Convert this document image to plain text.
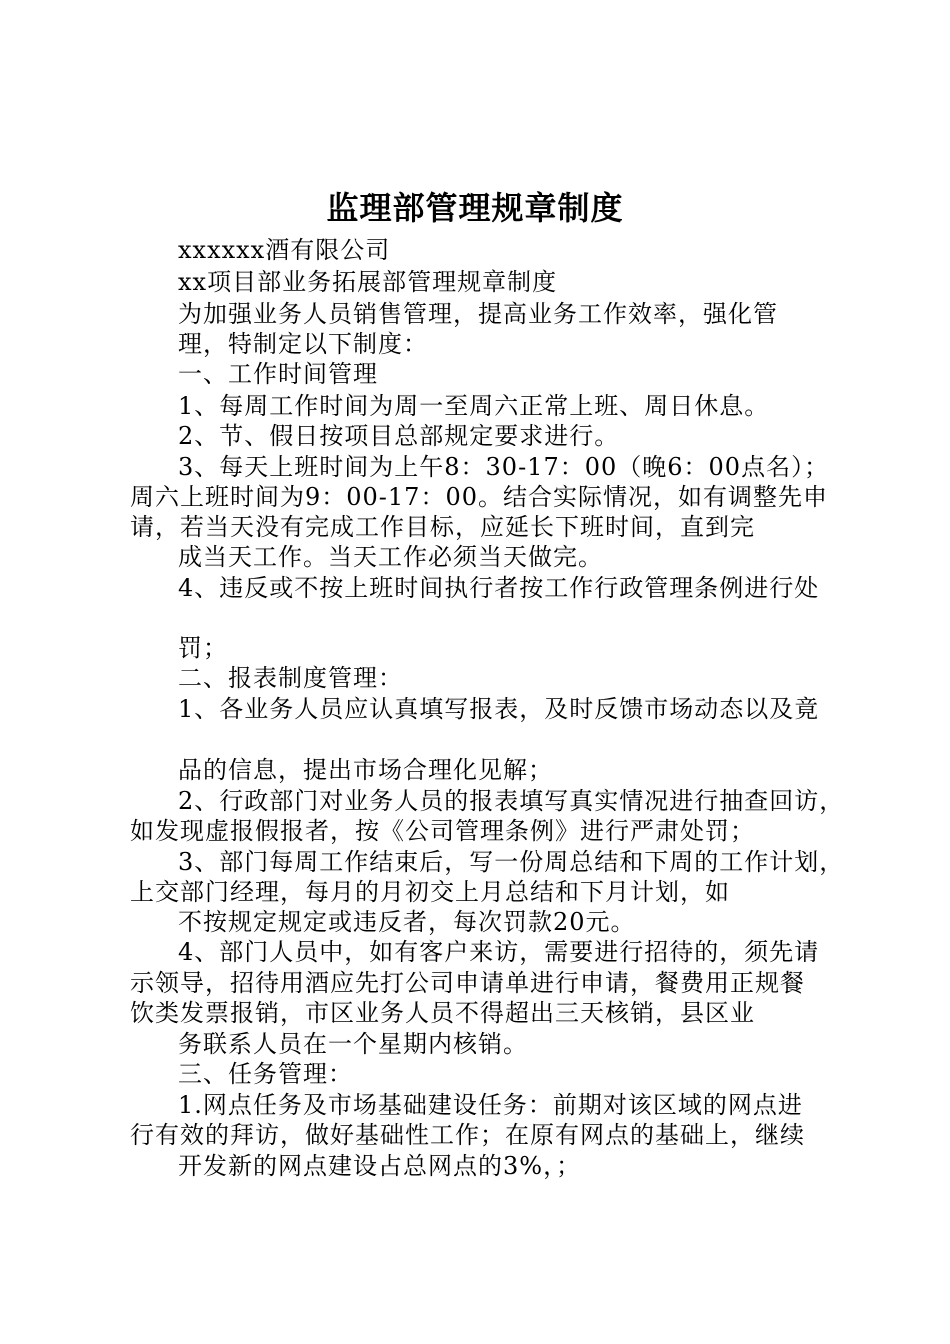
监理部管理规章制度
xxxxxx酒有限公司
xx项目部业务拓展部管理规章制度
为加强业务人员销售管理，提高业务工作效率，强化管
理，特制定以下制度：
一、工作时间管理
1、每周工作时间为周一至周六正常上班、周日休息。
2、节、假日按项目总部规定要求进行。
3、每天上班时间为上午8：30-17：00（晚6：00点名）；
周六上班时间为9：00-17：00。结合实际情况，如有调整先申
请，若当天没有完成工作目标，应延长下班时间，直到完
成当天工作。当天工作必须当天做完。
4、违反或不按上班时间执行者按工作行政管理条例进行处
罚；
二、报表制度管理：
1、各业务人员应认真填写报表，及时反馈市场动态以及竟
品的信息，提出市场合理化见解；
2、行政部门对业务人员的报表填写真实情况进行抽查回访，
如发现虚报假报者，按《公司管理条例》进行严肃处罚；
3、部门每周工作结束后，写一份周总结和下周的工作计划，
上交部门经理，每月的月初交上月总结和下月计划，如
不按规定规定或违反者，每次罚款20元。
4、部门人员中，如有客户来访，需要进行招待的，须先请
示领导，招待用酒应先打公司申请单进行申请，餐费用正规餐
饮类发票报销，市区业务人员不得超出三天核销，县区业
务联系人员在一个星期内核销。
三、任务管理：
1.网点任务及市场基础建设任务：前期对该区域的网点进
行有效的拜访，做好基础性工作；在原有网点的基础上，继续
开发新的网点建设占总网点的3%，；
